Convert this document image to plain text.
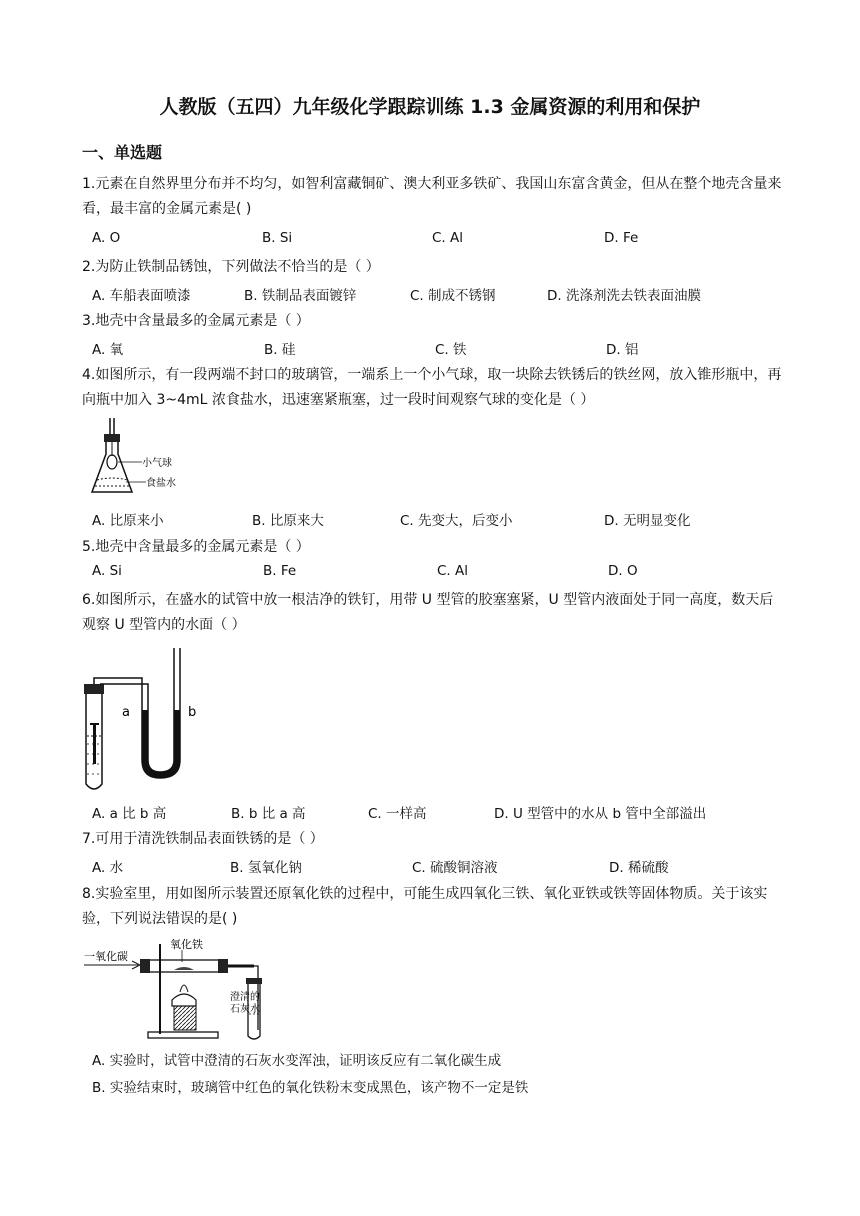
人教版（五四）九年级化学跟踪训练 1.3 金属资源的利用和保护
一、单选题
1.元素在自然界里分布并不均匀，如智利富藏铜矿、澳大利亚多铁矿、我国山东富含黄金，但从在整个地壳含量来看，最丰富的金属元素是( )
A. O	B. Si	C. Al	D. Fe
2.为防止铁制品锈蚀，下列做法不恰当的是（ ）
A. 车船表面喷漆	B. 铁制品表面镀锌	C. 制成不锈钢	D. 洗涤剂洗去铁表面油膜
3.地壳中含量最多的金属元素是（ ）
A. 氧	B. 硅	C. 铁	D. 铝
4.如图所示，有一段两端不封口的玻璃管，一端系上一个小气球，取一块除去铁锈后的铁丝网，放入锥形瓶中，再向瓶中加入 3~4mL 浓食盐水，迅速塞紧瓶塞，过一段时间观察气球的变化是（ ）
小气球
食盐水
A. 比原来小	B. 比原来大	C. 先变大，后变小	D. 无明显变化
5.地壳中含量最多的金属元素是（ ）
A. Si	B. Fe	C. Al	D. O
6.如图所示，在盛水的试管中放一根洁净的铁钉，用带 U 型管的胶塞塞紧，U 型管内液面处于同一高度，数天后观察 U 型管内的水面（ ）
a	b
A. a 比 b 高	B. b 比 a 高	C. 一样高	D. U 型管中的水从 b 管中全部溢出
7.可用于清洗铁制品表面铁锈的是（ ）
A. 水	B. 氢氧化钠	C. 硫酸铜溶液	D. 稀硫酸
8.实验室里，用如图所示装置还原氧化铁的过程中，可能生成四氧化三铁、氧化亚铁或铁等固体物质。关于该实验，下列说法错误的是( )
一氧化碳
氧化铁
澄清的
石灰水
A. 实验时，试管中澄清的石灰水变浑浊，证明该反应有二氧化碳生成
B. 实验结束时，玻璃管中红色的氧化铁粉末变成黑色，该产物不一定是铁
